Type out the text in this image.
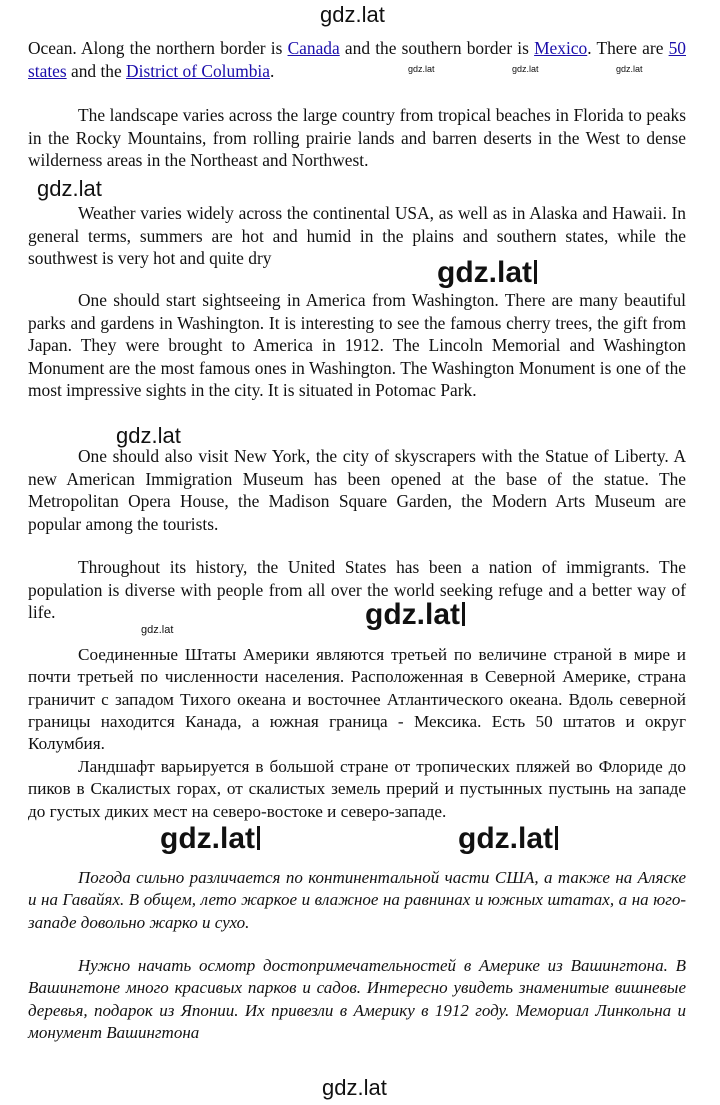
gdz.lat
gdz.lat	gdz.lat	gdz.lat
gdz.lat
gdz.lat
gdz.lat
gdz.lat
gdz.lat
gdz.lat	gdz.lat
gdz.lat

Ocean. Along the northern border is Canada and the southern border is Mexico. There are 50 states and the District of Columbia.

The landscape varies across the large country from tropical beaches in Florida to peaks in the Rocky Mountains, from rolling prairie lands and barren deserts in the West to dense wilderness areas in the Northeast and Northwest.

Weather varies widely across the continental USA, as well as in Alaska and Hawaii. In general terms, summers are hot and humid in the plains and southern states, while the southwest is very hot and quite dry

One should start sightseeing in America from Washington. There are many beautiful parks and gardens in Washington. It is interesting to see the famous cherry trees, the gift from Japan. They were brought to America in 1912. The Lincoln Memorial and Washington Monument are the most famous ones in Washington. The Washington Monument is one of the most impressive sights in the city. It is situated in Potomac Park.

One should also visit New York, the city of skyscrapers with the Statue of Liberty. A new American Immigration Museum has been opened at the base of the statue. The Metropolitan Opera House, the Madison Square Garden, the Modern Arts Museum are popular among the tourists.

Throughout its history, the United States has been a nation of immigrants. The population is diverse with people from all over the world seeking refuge and a better way of life.

Соединенные Штаты Америки являются третьей по величине страной в мире и почти третьей по численности населения. Расположенная в Северной Америке, страна граничит с западом Тихого океана и восточнее Атлантического океана. Вдоль северной границы находится Канада, а южная граница - Мексика. Есть 50 штатов и округ Колумбия.

Ландшафт варьируется в большой стране от тропических пляжей во Флориде до пиков в Скалистых горах, от скалистых земель прерий и пустынных пустынь на западе до густых диких мест на северо-востоке и северо-западе.

Погода сильно различается по континентальной части США, а также на Аляске и на Гавайях. В общем, лето жаркое и влажное на равнинах и южных штатах, а на юго-западе довольно жарко и сухо.

Нужно начать осмотр достопримечательностей в Америке из Вашингтона. В Вашингтоне много красивых парков и садов. Интересно увидеть знаменитые вишневые деревья, подарок из Японии. Их привезли в Америку в 1912 году. Мемориал Линкольна и монумент Вашингтона
